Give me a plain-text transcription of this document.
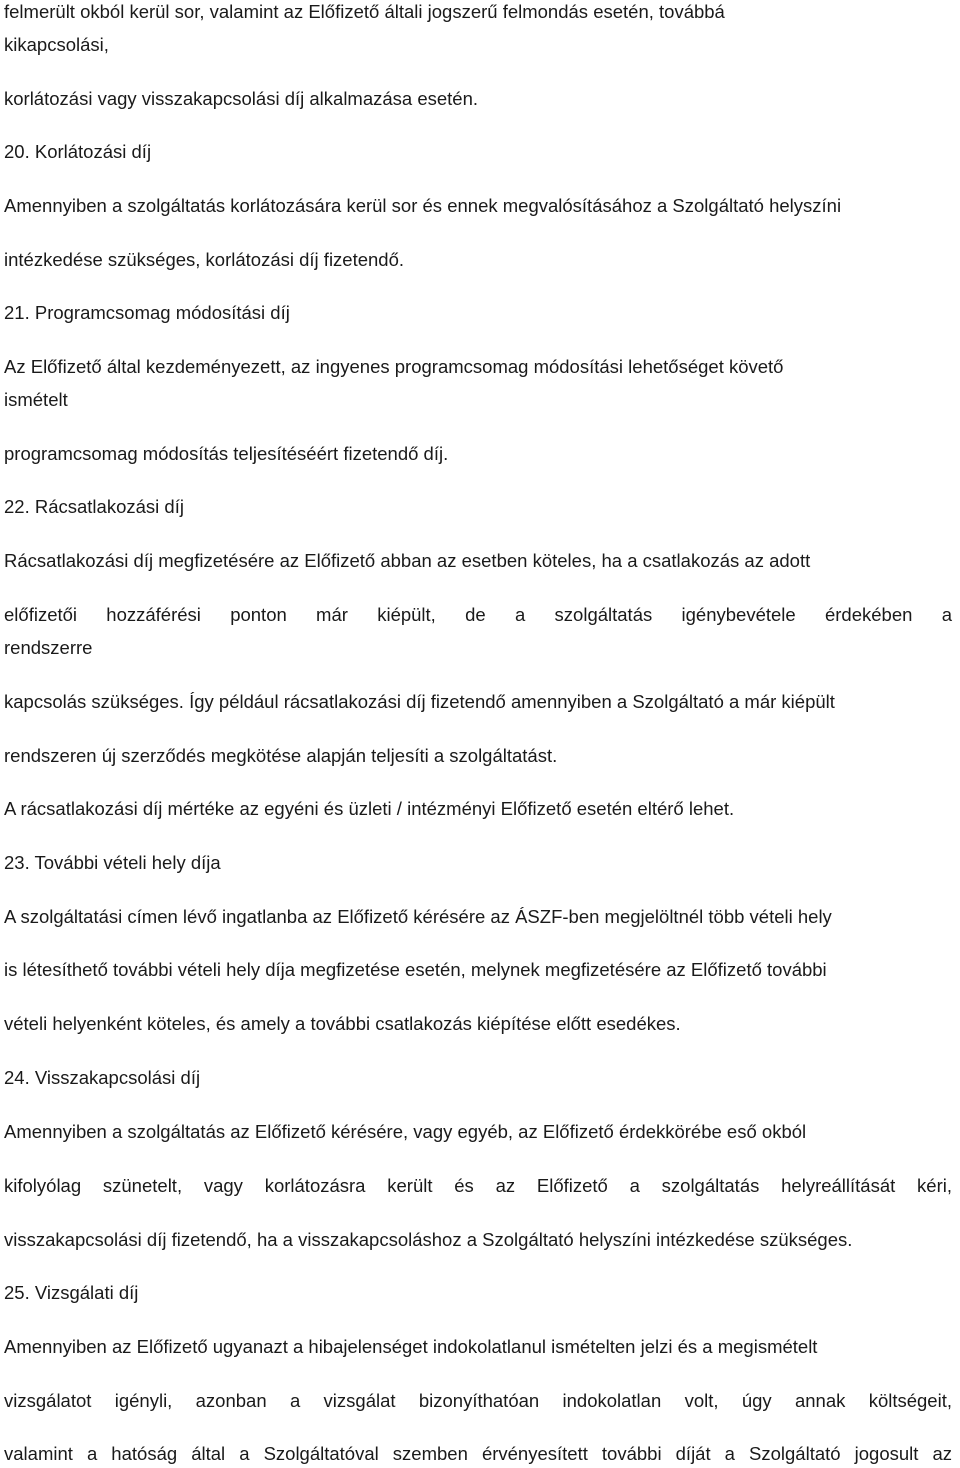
felmerült okból kerül sor, valamint az Előfizető általi jogszerű felmondás esetén, továbbá
kikapcsolási,
korlátozási vagy visszakapcsolási díj alkalmazása esetén.
20. Korlátozási díj
Amennyiben a szolgáltatás korlátozására kerül sor és ennek megvalósításához a Szolgáltató helyszíni
intézkedése szükséges, korlátozási díj fizetendő.
21. Programcsomag módosítási díj
Az Előfizető által kezdeményezett, az ingyenes programcsomag módosítási lehetőséget követő
ismételt
programcsomag módosítás teljesítéséért fizetendő díj.
22. Rácsatlakozási díj
Rácsatlakozási díj megfizetésére az Előfizető abban az esetben köteles, ha a csatlakozás az adott
előfizetői hozzáférési ponton már kiépült, de a szolgáltatás igénybevétele érdekében a
rendszerre
kapcsolás szükséges. Így például rácsatlakozási díj fizetendő amennyiben a Szolgáltató a már kiépült
rendszeren új szerződés megkötése alapján teljesíti a szolgáltatást.
A rácsatlakozási díj mértéke az egyéni és üzleti / intézményi Előfizető esetén eltérő lehet.
23. További vételi hely díja
A szolgáltatási címen lévő ingatlanba az Előfizető kérésére az ÁSZF-ben megjelöltnél több vételi hely
is létesíthető további vételi hely díja megfizetése esetén, melynek megfizetésére az Előfizető további
vételi helyenként köteles, és amely a további csatlakozás kiépítése előtt esedékes.
24. Visszakapcsolási díj
Amennyiben a szolgáltatás az Előfizető kérésére, vagy egyéb, az Előfizető érdekkörébe eső okból
kifolyólag szünetelt, vagy korlátozásra került és az Előfizető a szolgáltatás helyreállítását kéri,
visszakapcsolási díj fizetendő, ha a visszakapcsoláshoz a Szolgáltató helyszíni intézkedése szükséges.
25. Vizsgálati díj
Amennyiben az Előfizető ugyanazt a hibajelenséget indokolatlanul ismételten jelzi és a megismételt
vizsgálatot igényli, azonban a vizsgálat bizonyíthatóan indokolatlan volt, úgy annak költségeit,
valamint a hatóság által a Szolgáltatóval szemben érvényesített további díját a Szolgáltató jogosult az
